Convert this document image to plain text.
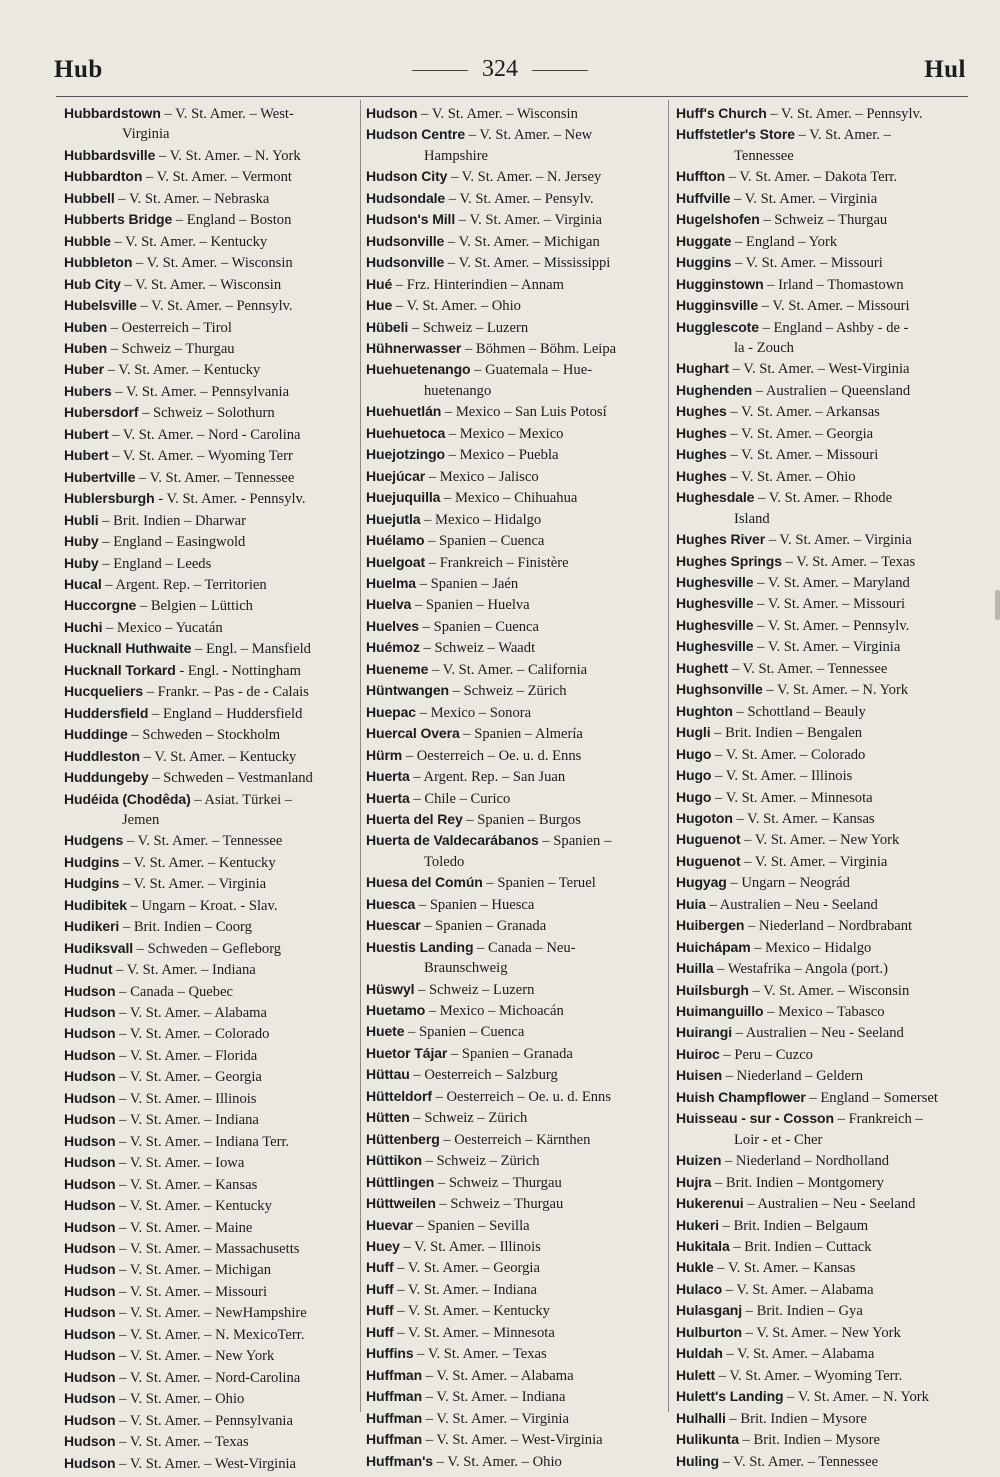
Hub	324	Hul
Hubbardstown – V. St. Amer. – West-
Virginia
Hubbardsville – V. St. Amer. – N. York
Hubbardton – V. St. Amer. – Vermont
Hubbell – V. St. Amer. – Nebraska
Hubberts Bridge – England – Boston
Hubble – V. St. Amer. – Kentucky
Hubbleton – V. St. Amer. – Wisconsin
Hub City – V. St. Amer. – Wisconsin
Hubelsville – V. St. Amer. – Pennsylv.
Huben – Oesterreich – Tirol
Huben – Schweiz – Thurgau
Huber – V. St. Amer. – Kentucky
Hubers – V. St. Amer. – Pennsylvania
Hubersdorf – Schweiz – Solothurn
Hubert – V. St. Amer. – Nord - Carolina
Hubert – V. St. Amer. – Wyoming Terr
Hubertville – V. St. Amer. – Tennessee
Hublersburgh - V. St. Amer. - Pennsylv.
Hubli – Brit. Indien – Dharwar
Huby – England – Easingwold
Huby – England – Leeds
Hucal – Argent. Rep. – Territorien
Huccorgne – Belgien – Lüttich
Huchi – Mexico – Yucatán
Hucknall Huthwaite – Engl. – Mansfield
Hucknall Torkard - Engl. - Nottingham
Hucqueliers – Frankr. – Pas - de - Calais
Huddersfield – England – Huddersfield
Huddinge – Schweden – Stockholm
Huddleston – V. St. Amer. – Kentucky
Huddungeby – Schweden – Vestmanland
Hudéida (Chodêda) – Asiat. Türkei –
Jemen
Hudgens – V. St. Amer. – Tennessee
Hudgins – V. St. Amer. – Kentucky
Hudgins – V. St. Amer. – Virginia
Hudibitek – Ungarn – Kroat. - Slav.
Hudikeri – Brit. Indien – Coorg
Hudiksvall – Schweden – Gefleborg
Hudnut – V. St. Amer. – Indiana
Hudson – Canada – Quebec
Hudson – V. St. Amer. – Alabama
Hudson – V. St. Amer. – Colorado
Hudson – V. St. Amer. – Florida
Hudson – V. St. Amer. – Georgia
Hudson – V. St. Amer. – Illinois
Hudson – V. St. Amer. – Indiana
Hudson – V. St. Amer. – Indiana Terr.
Hudson – V. St. Amer. – Iowa
Hudson – V. St. Amer. – Kansas
Hudson – V. St. Amer. – Kentucky
Hudson – V. St. Amer. – Maine
Hudson – V. St. Amer. – Massachusetts
Hudson – V. St. Amer. – Michigan
Hudson – V. St. Amer. – Missouri
Hudson – V. St. Amer. – NewHampshire
Hudson – V. St. Amer. – N. MexicoTerr.
Hudson – V. St. Amer. – New York
Hudson – V. St. Amer. – Nord-Carolina
Hudson – V. St. Amer. – Ohio
Hudson – V. St. Amer. – Pennsylvania
Hudson – V. St. Amer. – Texas
Hudson – V. St. Amer. – West-Virginia
Hudson – V. St. Amer. – Wisconsin
Hudson Centre – V. St. Amer. – New
Hampshire
Hudson City – V. St. Amer. – N. Jersey
Hudsondale – V. St. Amer. – Pensylv.
Hudson's Mill – V. St. Amer. – Virginia
Hudsonville – V. St. Amer. – Michigan
Hudsonville – V. St. Amer. – Mississippi
Hué – Frz. Hinterindien – Annam
Hue – V. St. Amer. – Ohio
Hübeli – Schweiz – Luzern
Hühnerwasser – Böhmen – Böhm. Leipa
Huehuetenango – Guatemala – Hue-
huetenango
Huehuetlán – Mexico – San Luis Potosí
Huehuetoca – Mexico – Mexico
Huejotzingo – Mexico – Puebla
Huejúcar – Mexico – Jalisco
Huejuquilla – Mexico – Chihuahua
Huejutla – Mexico – Hidalgo
Huélamo – Spanien – Cuenca
Huelgoat – Frankreich – Finistère
Huelma – Spanien – Jaén
Huelva – Spanien – Huelva
Huelves – Spanien – Cuenca
Huémoz – Schweiz – Waadt
Hueneme – V. St. Amer. – California
Hüntwangen – Schweiz – Zürich
Huepac – Mexico – Sonora
Huercal Overa – Spanien – Almería
Hürm – Oesterreich – Oe. u. d. Enns
Huerta – Argent. Rep. – San Juan
Huerta – Chile – Curico
Huerta del Rey – Spanien – Burgos
Huerta de Valdecarábanos – Spanien –
Toledo
Huesa del Común – Spanien – Teruel
Huesca – Spanien – Huesca
Huescar – Spanien – Granada
Huestis Landing – Canada – Neu-
Braunschweig
Hüswyl – Schweiz – Luzern
Huetamo – Mexico – Michoacán
Huete – Spanien – Cuenca
Huetor Tájar – Spanien – Granada
Hüttau – Oesterreich – Salzburg
Hütteldorf – Oesterreich – Oe. u. d. Enns
Hütten – Schweiz – Zürich
Hüttenberg – Oesterreich – Kärnthen
Hüttikon – Schweiz – Zürich
Hüttlingen – Schweiz – Thurgau
Hüttweilen – Schweiz – Thurgau
Huevar – Spanien – Sevilla
Huey – V. St. Amer. – Illinois
Huff – V. St. Amer. – Georgia
Huff – V. St. Amer. – Indiana
Huff – V. St. Amer. – Kentucky
Huff – V. St. Amer. – Minnesota
Huffins – V. St. Amer. – Texas
Huffman – V. St. Amer. – Alabama
Huffman – V. St. Amer. – Indiana
Huffman – V. St. Amer. – Virginia
Huffman – V. St. Amer. – West-Virginia
Huffman's – V. St. Amer. – Ohio
Huff's Church – V. St. Amer. – Pennsylv.
Huffstetler's Store – V. St. Amer. –
Tennessee
Huffton – V. St. Amer. – Dakota Terr.
Huffville – V. St. Amer. – Virginia
Hugelshofen – Schweiz – Thurgau
Huggate – England – York
Huggins – V. St. Amer. – Missouri
Hugginstown – Irland – Thomastown
Hugginsville – V. St. Amer. – Missouri
Hugglescote – England – Ashby - de -
la - Zouch
Hughart – V. St. Amer. – West-Virginia
Hughenden – Australien – Queensland
Hughes – V. St. Amer. – Arkansas
Hughes – V. St. Amer. – Georgia
Hughes – V. St. Amer. – Missouri
Hughes – V. St. Amer. – Ohio
Hughesdale – V. St. Amer. – Rhode
Island
Hughes River – V. St. Amer. – Virginia
Hughes Springs – V. St. Amer. – Texas
Hughesville – V. St. Amer. – Maryland
Hughesville – V. St. Amer. – Missouri
Hughesville – V. St. Amer. – Pennsylv.
Hughesville – V. St. Amer. – Virginia
Hughett – V. St. Amer. – Tennessee
Hughsonville – V. St. Amer. – N. York
Hughton – Schottland – Beauly
Hugli – Brit. Indien – Bengalen
Hugo – V. St. Amer. – Colorado
Hugo – V. St. Amer. – Illinois
Hugo – V. St. Amer. – Minnesota
Hugoton – V. St. Amer. – Kansas
Huguenot – V. St. Amer. – New York
Huguenot – V. St. Amer. – Virginia
Hugyag – Ungarn – Neográd
Huia – Australien – Neu - Seeland
Huibergen – Niederland – Nordbrabant
Huichápam – Mexico – Hidalgo
Huilla – Westafrika – Angola (port.)
Huilsburgh – V. St. Amer. – Wisconsin
Huimanguillo – Mexico – Tabasco
Huirangi – Australien – Neu - Seeland
Huiroc – Peru – Cuzco
Huisen – Niederland – Geldern
Huish Champflower – England – Somerset
Huisseau - sur - Cosson – Frankreich –
Loir - et - Cher
Huizen – Niederland – Nordholland
Hujra – Brit. Indien – Montgomery
Hukerenui – Australien – Neu - Seeland
Hukeri – Brit. Indien – Belgaum
Hukitala – Brit. Indien – Cuttack
Hukle – V. St. Amer. – Kansas
Hulaco – V. St. Amer. – Alabama
Hulasganj – Brit. Indien – Gya
Hulburton – V. St. Amer. – New York
Huldah – V. St. Amer. – Alabama
Hulett – V. St. Amer. – Wyoming Terr.
Hulett's Landing – V. St. Amer. – N. York
Hulhalli – Brit. Indien – Mysore
Hulikunta – Brit. Indien – Mysore
Huling – V. St. Amer. – Tennessee
